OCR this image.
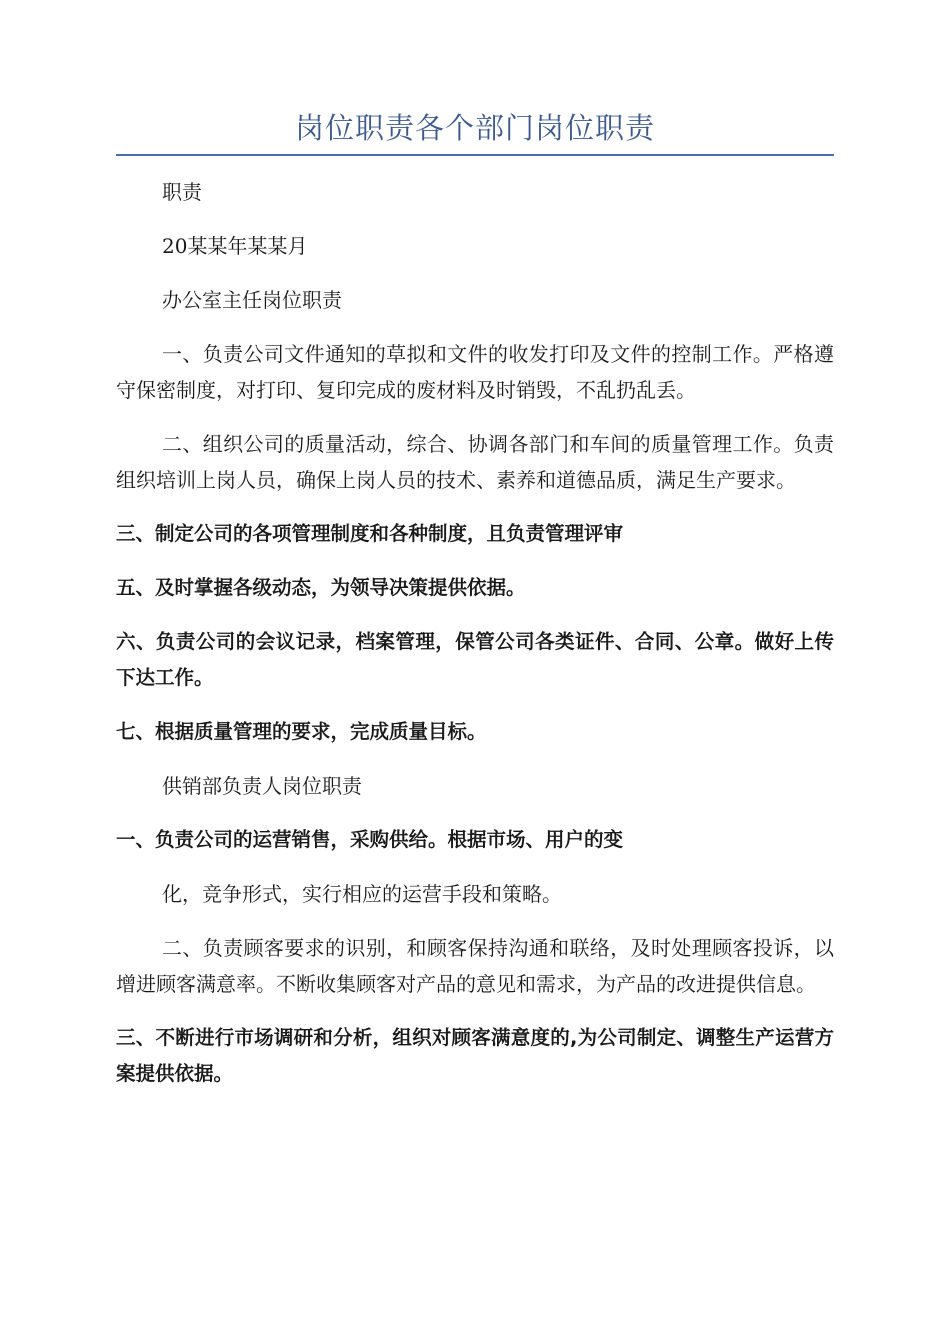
岗位职责各个部门岗位职责

职责

20某某年某某月

办公室主任岗位职责

一、负责公司文件通知的草拟和文件的收发打印及文件的控制工作。严格遵守保密制度，对打印、复印完成的废材料及时销毁，不乱扔乱丢。

二、组织公司的质量活动，综合、协调各部门和车间的质量管理工作。负责组织培训上岗人员，确保上岗人员的技术、素养和道德品质，满足生产要求。

三、制定公司的各项管理制度和各种制度，且负责管理评审

五、及时掌握各级动态，为领导决策提供依据。

六、负责公司的会议记录，档案管理，保管公司各类证件、合同、公章。做好上传下达工作。

七、根据质量管理的要求，完成质量目标。

供销部负责人岗位职责

一、负责公司的运营销售，采购供给。根据市场、用户的变

化，竞争形式，实行相应的运营手段和策略。

二、负责顾客要求的识别，和顾客保持沟通和联络，及时处理顾客投诉，以增进顾客满意率。不断收集顾客对产品的意见和需求，为产品的改进提供信息。

三、不断进行市场调研和分析，组织对顾客满意度的,为公司制定、调整生产运营方案提供依据。
